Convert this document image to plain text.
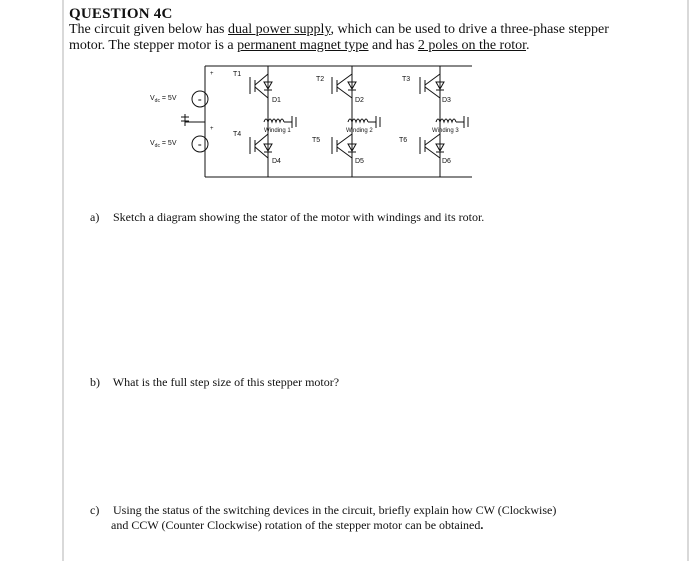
QUESTION 4C
The circuit given below has dual power supply, which can be used to drive a three-phase stepper
motor. The stepper motor is a permanent magnet type and has 2 poles on the rotor.
$V_{dc} = 5V$
$V_{dc} = 5V$
=
=
+
+
T1
T2	T3
T4
T5	T6
D1	D2	D3
D4	D5	D6
Winding 1	Winding 2	Winding 3
a) Sketch a diagram showing the stator of the motor with windings and its rotor.
b) What is the full step size of this stepper motor?
c) Using the status of the switching devices in the circuit, briefly explain how CW (Clockwise)
and CCW (Counter Clockwise) rotation of the stepper motor can be obtained.
